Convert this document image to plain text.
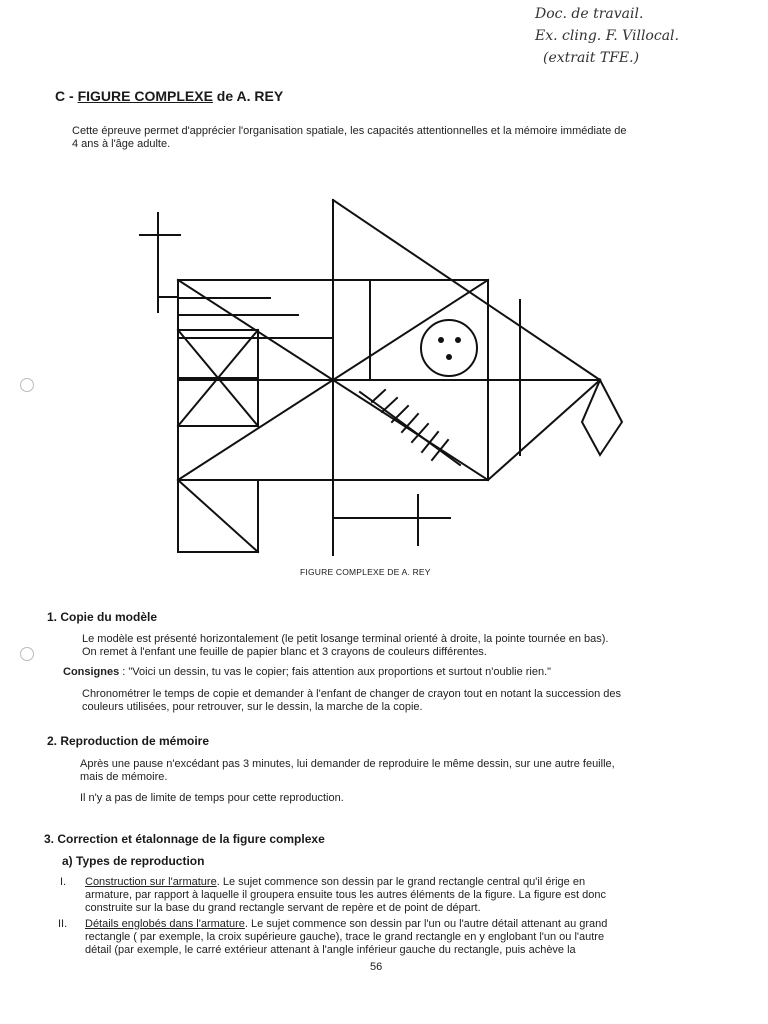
Doc. de travail.
Ex. cling. F. Villocal.
(extrait TFE.)
C - FIGURE COMPLEXE de A. REY
Cette épreuve permet d'apprécier l'organisation spatiale, les capacités attentionnelles et la mémoire immédiate de
4 ans à l'âge adulte.
FIGURE COMPLEXE DE A. REY
1. Copie du modèle
Le modèle est présenté horizontalement (le petit losange terminal orienté à droite, la pointe tournée en bas).
On remet à l'enfant une feuille de papier blanc et 3 crayons de couleurs différentes.
Consignes : "Voici un dessin, tu vas le copier; fais attention aux proportions et surtout n'oublie rien."
Chronométrer le temps de copie et demander à l'enfant de changer de crayon tout en notant la succession des
couleurs utilisées, pour retrouver, sur le dessin, la marche de la copie.
2. Reproduction de mémoire
Après une pause n'excédant pas 3 minutes, lui demander de reproduire le même dessin, sur une autre feuille,
mais de mémoire.
Il n'y a pas de limite de temps pour cette reproduction.
3. Correction et étalonnage de la figure complexe
a) Types de reproduction
I. Construction sur l'armature. Le sujet commence son dessin par le grand rectangle central qu'il érige en
armature, par rapport à laquelle il groupera ensuite tous les autres éléments de la figure. La figure est donc
construite sur la base du grand rectangle servant de repère et de point de départ.
II. Détails englobés dans l'armature. Le sujet commence son dessin par l'un ou l'autre détail attenant au grand
rectangle ( par exemple, la croix supérieure gauche), trace le grand rectangle en y englobant l'un ou l'autre
détail (par exemple, le carré extérieur attenant à l'angle inférieur gauche du rectangle, puis achève la
56
